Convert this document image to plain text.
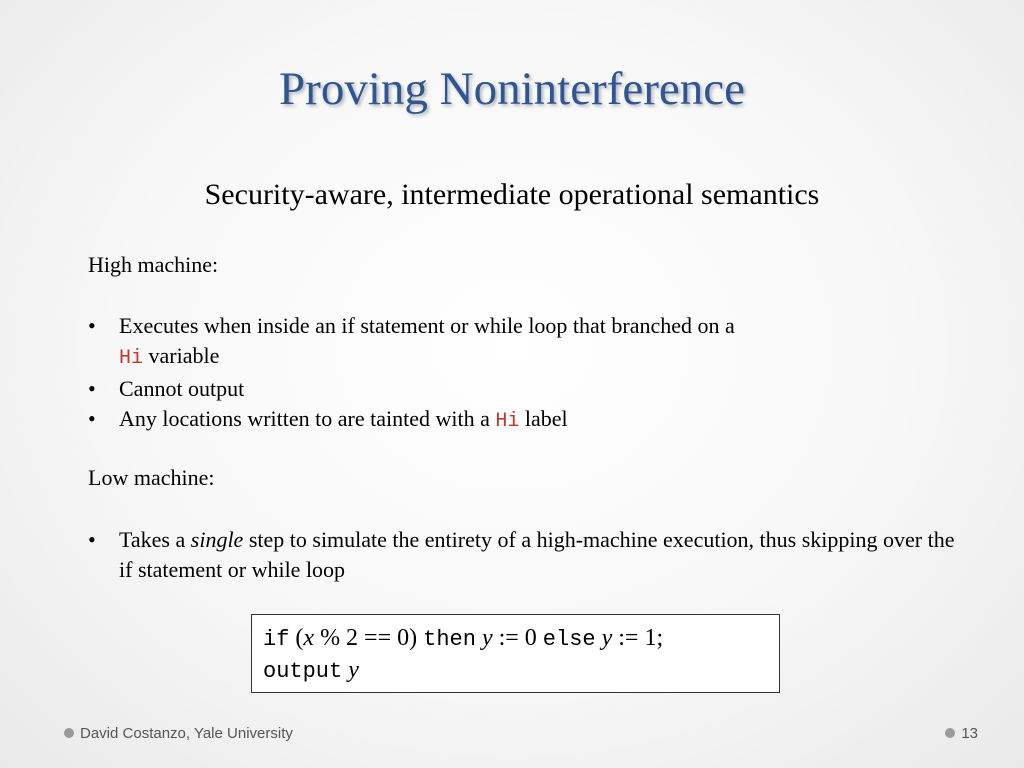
Proving Noninterference
Security-aware, intermediate operational semantics
High machine:
• Executes when inside an if statement or while loop that branched on a
Hi variable
• Cannot output
• Any locations written to are tainted with a Hi label
Low machine:
• Takes a single step to simulate the entirety of a high-machine execution, thus skipping over the if statement or while loop
if (x % 2 == 0) then y := 0 else y := 1;
output y
David Costanzo, Yale University	13
